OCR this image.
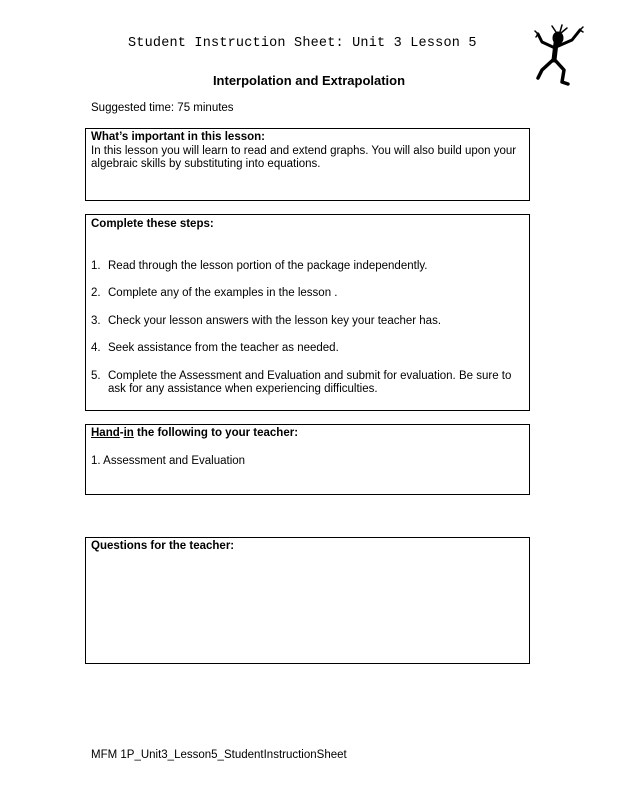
Student Instruction Sheet: Unit 3 Lesson 5
Interpolation and Extrapolation
Suggested time: 75 minutes
What’s important in this lesson:
In this lesson you will learn to read and extend graphs. You will also build upon your algebraic skills by substituting into equations.
Complete these steps:
1. Read through the lesson portion of the package independently.
2. Complete any of the examples in the lesson .
3. Check your lesson answers with the lesson key your teacher has.
4. Seek assistance from the teacher as needed.
5. Complete the Assessment and Evaluation and submit for evaluation. Be sure to ask for any assistance when experiencing difficulties.
Hand-in the following to your teacher:
1. Assessment and Evaluation
Questions for the teacher:
MFM 1P_Unit3_Lesson5_StudentInstructionSheet
